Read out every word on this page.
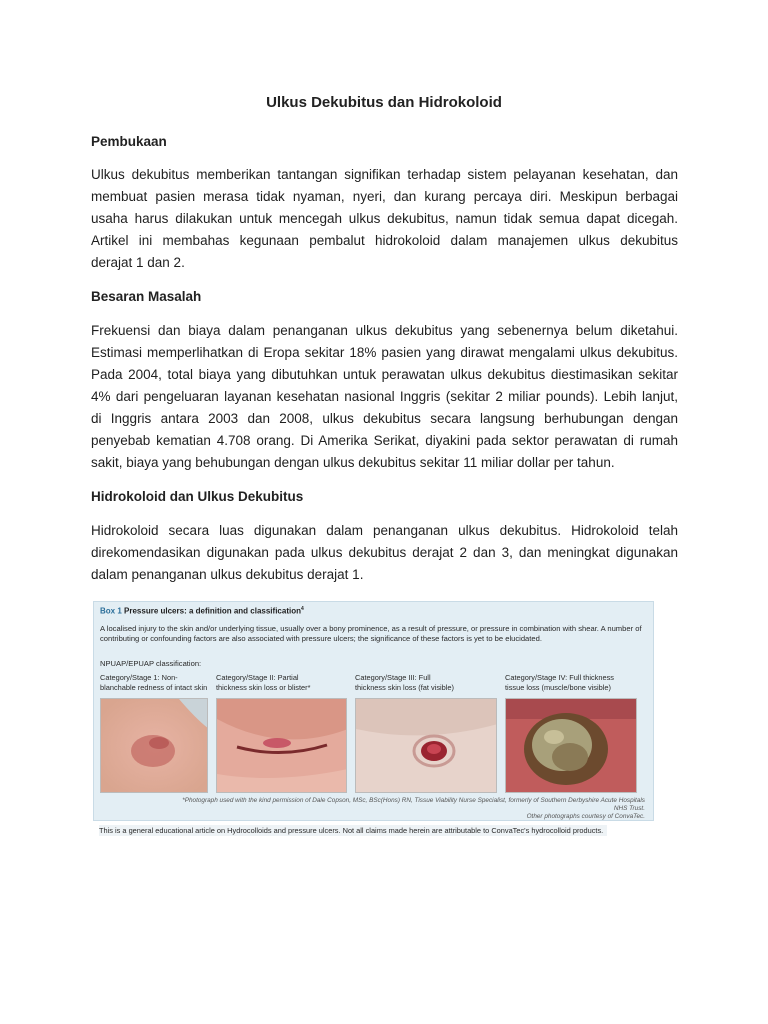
Ulkus Dekubitus dan Hidrokoloid
Pembukaan
Ulkus dekubitus memberikan tantangan signifikan terhadap sistem pelayanan kesehatan, dan
membuat pasien merasa tidak nyaman, nyeri, dan kurang percaya diri. Meskipun berbagai
usaha harus dilakukan untuk mencegah ulkus dekubitus, namun tidak semua dapat dicegah.
Artikel ini membahas kegunaan pembalut hidrokoloid dalam manajemen ulkus dekubitus
derajat 1 dan 2.
Besaran Masalah
Frekuensi dan biaya dalam penanganan ulkus dekubitus yang sebenernya belum diketahui.
Estimasi memperlihatkan di Eropa sekitar 18% pasien yang dirawat mengalami ulkus dekubitus.
Pada 2004, total biaya yang dibutuhkan untuk perawatan ulkus dekubitus diestimasikan sekitar
4% dari pengeluaran layanan kesehatan nasional Inggris (sekitar 2 miliar pounds). Lebih lanjut,
di Inggris antara 2003 dan 2008, ulkus dekubitus secara langsung berhubungan dengan
penyebab kematian 4.708 orang. Di Amerika Serikat, diyakini pada sektor perawatan di rumah
sakit, biaya yang behubungan dengan ulkus dekubitus sekitar 11 miliar dollar per tahun.
Hidrokoloid dan Ulkus Dekubitus
Hidrokoloid secara luas digunakan dalam penanganan ulkus dekubitus. Hidrokoloid telah
direkomendasikan digunakan pada ulkus dekubitus derajat 2 dan 3, dan meningkat digunakan
dalam penanganan ulkus dekubitus derajat 1.
Box 1 Pressure ulcers: a definition and classification$^4$
A localised injury to the skin and/or underlying tissue, usually over a bony prominence, as a result of pressure, or pressure in combination with shear. A number of contributing or confounding factors are also associated with pressure ulcers; the significance of these factors is yet to be elucidated.
NPUAP/EPUAP classification:
Category/Stage 1: Non-blanchable redness of intact skin
Category/Stage II: Partial thickness skin loss or blister*
Category/Stage III: Full thickness skin loss (fat visible)
Category/Stage IV: Full thickness tissue loss (muscle/bone visible)
*Photograph used with the kind permission of Dale Copson, MSc, BSc(Hons) RN, Tissue Viability Nurse Specialist, formerly of Southern Derbyshire Acute Hospitals NHS Trust.
Other photographs courtesy of ConvaTec.
This is a general educational article on Hydrocolloids and pressure ulcers. Not all claims made herein are attributable to ConvaTec's hydrocolloid products.
